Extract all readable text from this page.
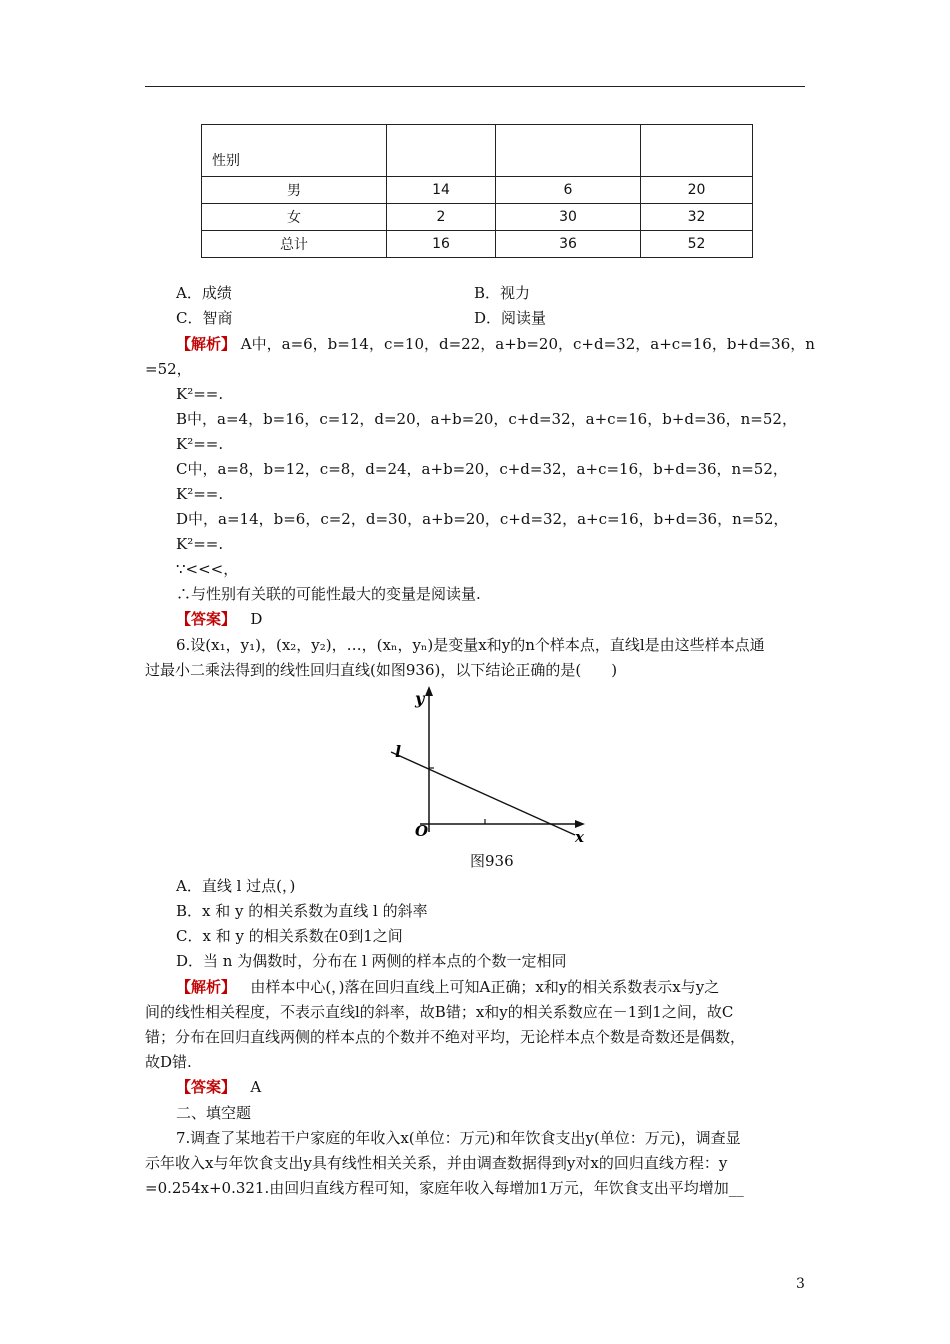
性别			
男	14	6	20
女	2	30	32
总计	16	36	52
A．成绩	B．视力
C．智商	D．阅读量
【解析】 A中，a=6，b=14，c=10，d=22，a+b=20，c+d=32，a+c=16，b+d=36，n
=52，
K²==.
B中，a=4，b=16，c=12，d=20，a+b=20，c+d=32，a+c=16，b+d=36，n=52，
K²==.
C中，a=8，b=12，c=8，d=24，a+b=20，c+d=32，a+c=16，b+d=36，n=52，
K²==.
D中，a=14，b=6，c=2，d=30，a+b=20，c+d=32，a+c=16，b+d=36，n=52，
K²==.
∵<<<，
∴与性别有关联的可能性最大的变量是阅读量.
【答案】 D
6.设(x₁，y₁)，(x₂，y₂)，…，(xₙ，yₙ)是变量x和y的n个样本点，直线l是由这些样本点通
过最小二乘法得到的线性回归直线(如图936)，以下结论正确的是(　　)
y
x
l
O
图936
A．直线 l 过点(，)
B．x 和 y 的相关系数为直线 l 的斜率
C．x 和 y 的相关系数在0到1之间
D．当 n 为偶数时，分布在 l 两侧的样本点的个数一定相同
【解析】 由样本中心(，)落在回归直线上可知A正确；x和y的相关系数表示x与y之
间的线性相关程度，不表示直线l的斜率，故B错；x和y的相关系数应在－1到1之间，故C
错；分布在回归直线两侧的样本点的个数并不绝对平均，无论样本点个数是奇数还是偶数，
故D错.
【答案】 A
二、填空题
7.调查了某地若干户家庭的年收入x(单位：万元)和年饮食支出y(单位：万元)，调查显
示年收入x与年饮食支出y具有线性相关关系，并由调查数据得到y对x的回归直线方程：y
=0.254x+0.321.由回归直线方程可知，家庭年收入每增加1万元，年饮食支出平均增加__
3
